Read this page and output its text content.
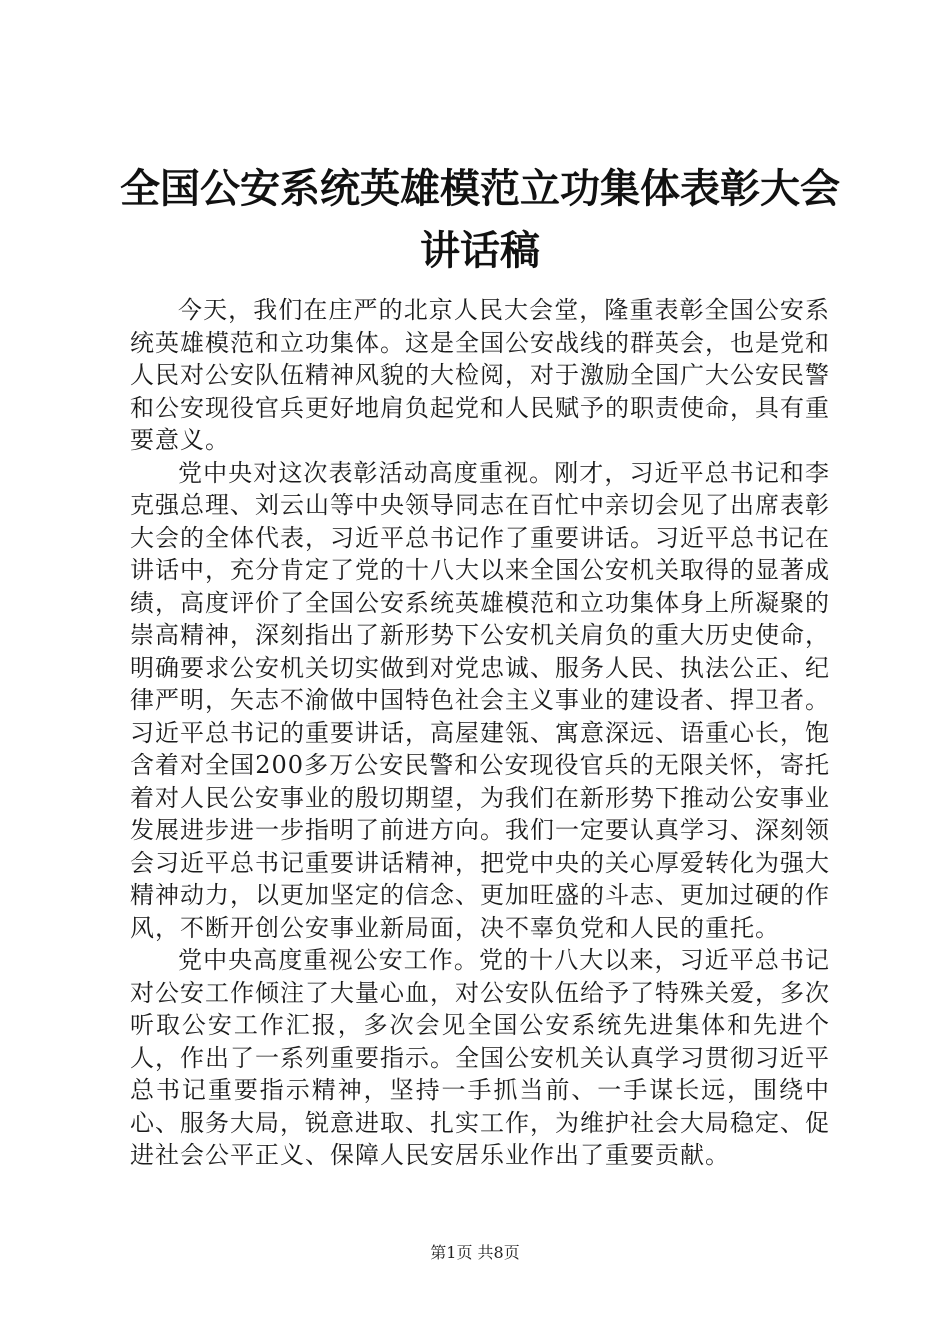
全国公安系统英雄模范立功集体表彰大会讲话稿

今天，我们在庄严的北京人民大会堂，隆重表彰全国公安系统英雄模范和立功集体。这是全国公安战线的群英会，也是党和人民对公安队伍精神风貌的大检阅，对于激励全国广大公安民警和公安现役官兵更好地肩负起党和人民赋予的职责使命，具有重要意义。

党中央对这次表彰活动高度重视。刚才，习近平总书记和李克强总理、刘云山等中央领导同志在百忙中亲切会见了出席表彰大会的全体代表，习近平总书记作了重要讲话。习近平总书记在讲话中，充分肯定了党的十八大以来全国公安机关取得的显著成绩，高度评价了全国公安系统英雄模范和立功集体身上所凝聚的崇高精神，深刻指出了新形势下公安机关肩负的重大历史使命，明确要求公安机关切实做到对党忠诚、服务人民、执法公正、纪律严明，矢志不渝做中国特色社会主义事业的建设者、捍卫者。习近平总书记的重要讲话，高屋建瓴、寓意深远、语重心长，饱含着对全国200多万公安民警和公安现役官兵的无限关怀，寄托着对人民公安事业的殷切期望，为我们在新形势下推动公安事业发展进步进一步指明了前进方向。我们一定要认真学习、深刻领会习近平总书记重要讲话精神，把党中央的关心厚爱转化为强大精神动力，以更加坚定的信念、更加旺盛的斗志、更加过硬的作风，不断开创公安事业新局面，决不辜负党和人民的重托。

党中央高度重视公安工作。党的十八大以来，习近平总书记对公安工作倾注了大量心血，对公安队伍给予了特殊关爱，多次听取公安工作汇报，多次会见全国公安系统先进集体和先进个人，作出了一系列重要指示。全国公安机关认真学习贯彻习近平总书记重要指示精神，坚持一手抓当前、一手谋长远，围绕中心、服务大局，锐意进取、扎实工作，为维护社会大局稳定、促进社会公平正义、保障人民安居乐业作出了重要贡献。

第1页 共8页
